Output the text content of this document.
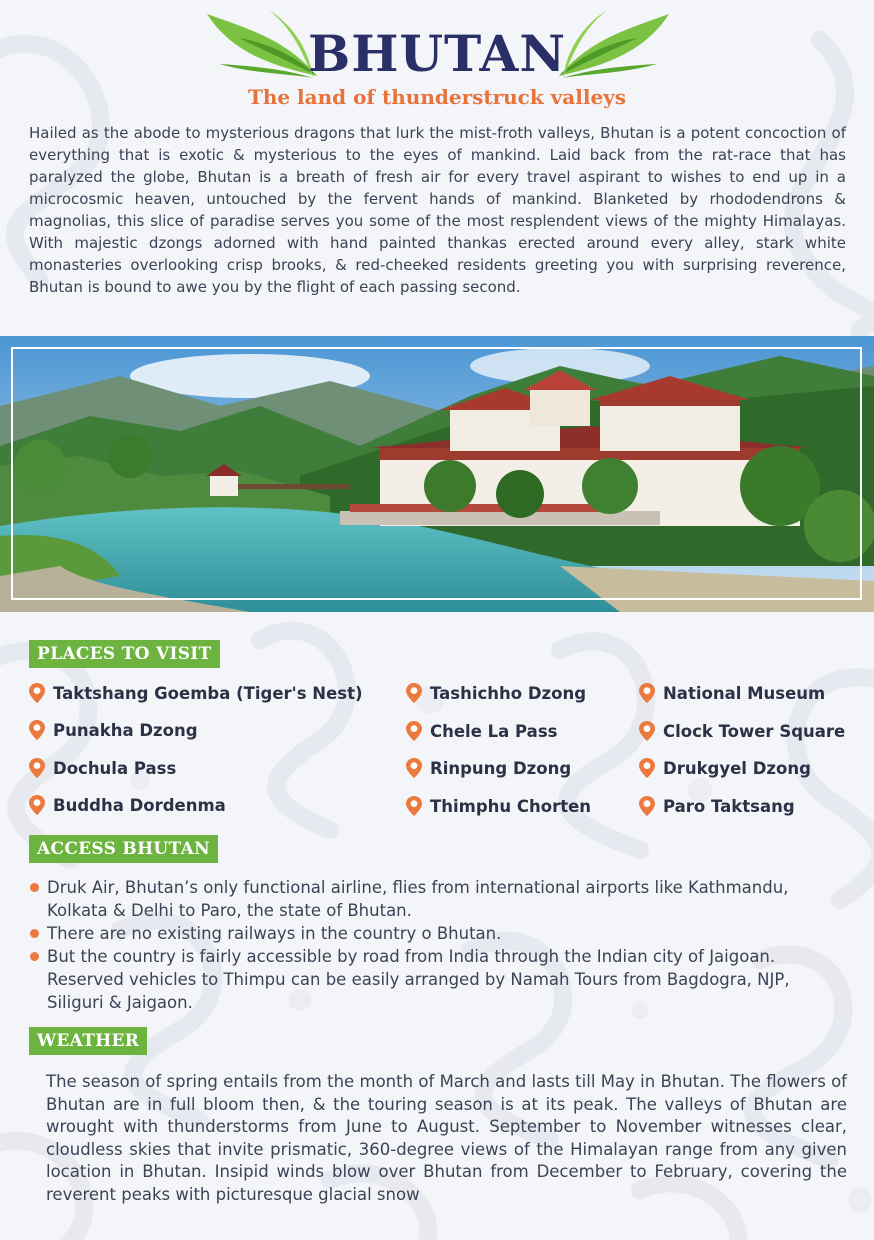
BHUTAN
The land of thunderstruck valleys

Hailed as the abode to mysterious dragons that lurk the mist-froth valleys, Bhutan is a potent concoction of everything that is exotic & mysterious to the eyes of mankind. Laid back from the rat-race that has paralyzed the globe, Bhutan is a breath of fresh air for every travel aspirant to wishes to end up in a microcosmic heaven, untouched by the fervent hands of mankind. Blanketed by rhododendrons & magnolias, this slice of paradise serves you some of the most resplendent views of the mighty Himalayas. With majestic dzongs adorned with hand painted thankas erected around every alley, stark white monasteries overlooking crisp brooks, & red-cheeked residents greeting you with surprising reverence, Bhutan is bound to awe you by the flight of each passing second.

PLACES TO VISIT
Taktshang Goemba (Tiger's Nest)	Tashichho Dzong	National Museum
Punakha Dzong	Chele La Pass	Clock Tower Square
Dochula Pass	Rinpung Dzong	Drukgyel Dzong
Buddha Dordenma	Thimphu Chorten	Paro Taktsang
ACCESS BHUTAN
Druk Air, Bhutan’s only functional airline, flies from international airports like Kathmandu, Kolkata & Delhi to Paro, the state of Bhutan.
There are no existing railways in the country o Bhutan.
But the country is fairly accessible by road from India through the Indian city of Jaigoan. Reserved vehicles to Thimpu can be easily arranged by Namah Tours from Bagdogra, NJP, Siliguri & Jaigaon.
WEATHER

The season of spring entails from the month of March and lasts till May in Bhutan. The flowers of Bhutan are in full bloom then, & the touring season is at its peak. The valleys of Bhutan are wrought with thunderstorms from June to August. September to November witnesses clear, cloudless skies that invite prismatic, 360-degree views of the Himalayan range from any given location in Bhutan. Insipid winds blow over Bhutan from December to February, covering the reverent peaks with picturesque glacial snow
